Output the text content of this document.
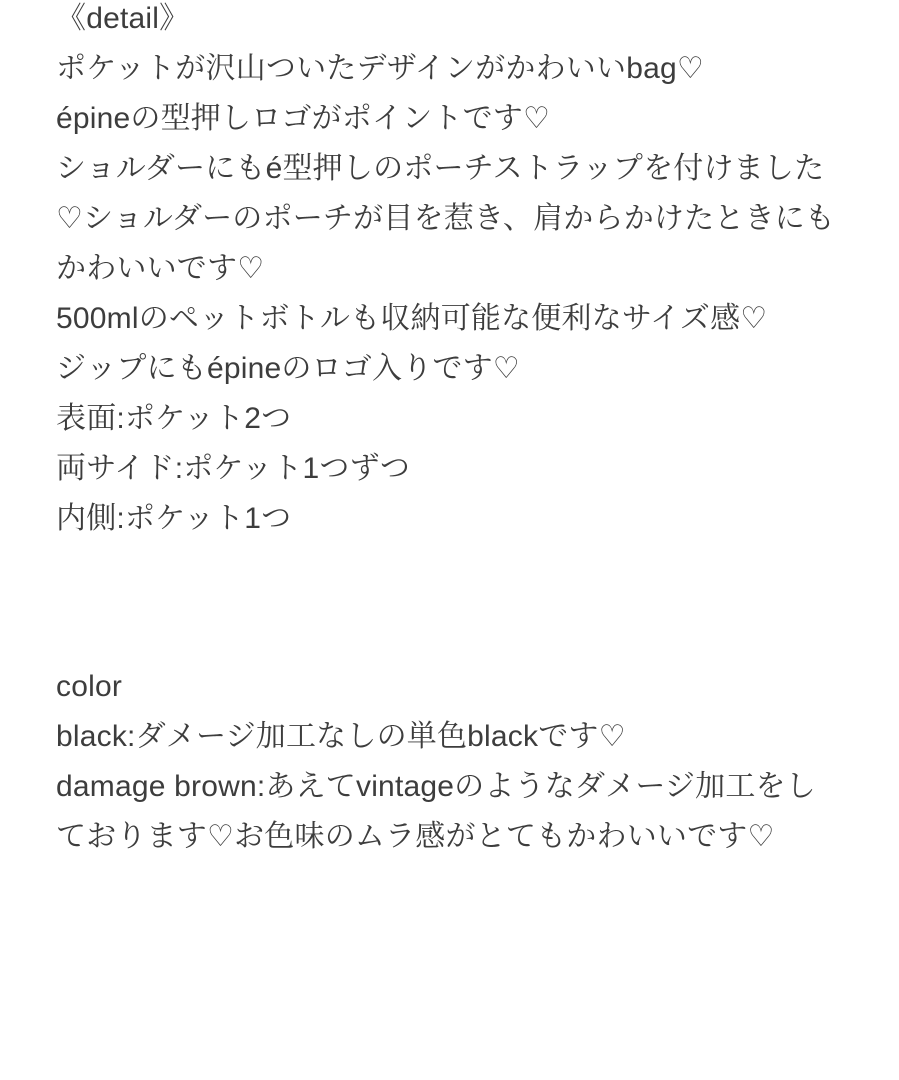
《detail》

ポケットが沢山ついたデザインがかわいいbag♡

épineの型押しロゴがポイントです♡

ショルダーにもé型押しのポーチストラップを付けました♡ショルダーのポーチが目を惹き、肩からかけたときにもかわいいです♡

500mlのペットボトルも収納可能な便利なサイズ感♡

ジップにもépineのロゴ入りです♡

表面:ポケット2つ

両サイド:ポケット1つずつ

内側:ポケット1つ

color

black:ダメージ加工なしの単色blackです♡

damage brown:あえてvintageのようなダメージ加工をしております♡お色味のムラ感がとてもかわいいです♡
